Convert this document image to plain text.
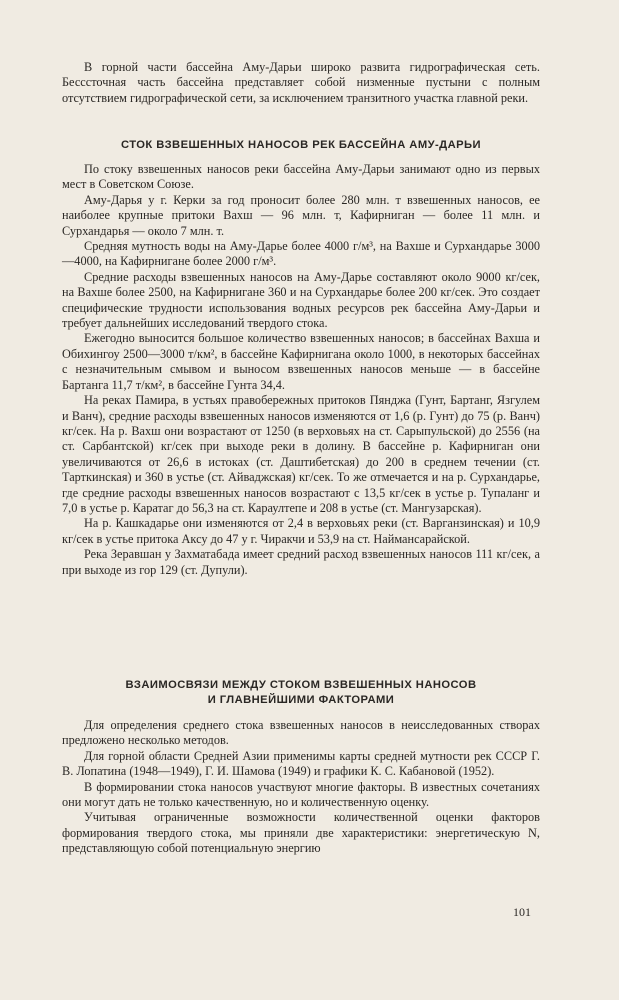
В горной части бассейна Аму-Дарьи широко развита гидрографическая сеть. Бесссточная часть бассейна представляет собой низменные пустыни с полным отсутствием гидрографической сети, за исключением транзитного участка главной реки.

СТОК ВЗВЕШЕННЫХ НАНОСОВ РЕК БАССЕЙНА АМУ-ДАРЬИ

По стоку взвешенных наносов реки бассейна Аму-Дарьи занимают одно из первых мест в Советском Союзе.

Аму-Дарья у г. Керки за год проносит более 280 млн. т взвешенных наносов, ее наиболее крупные притоки Вахш — 96 млн. т, Кафирниган — более 11 млн. и Сурхандарья — около 7 млн. т.

Средняя мутность воды на Аму-Дарье более 4000 г/м³, на Вахше и Сурхандарье 3000—4000, на Кафирнигане более 2000 г/м³.

Средние расходы взвешенных наносов на Аму-Дарье составляют около 9000 кг/сек, на Вахше более 2500, на Кафирнигане 360 и на Сурхандарье более 200 кг/сек. Это создает специфические трудности использования водных ресурсов рек бассейна Аму-Дарьи и требует дальнейших исследований твердого стока.

Ежегодно выносится большое количество взвешенных наносов; в бассейнах Вахша и Обихингоу 2500—3000 т/км², в бассейне Кафирнигана около 1000, в некоторых бассейнах с незначительным смывом и выносом взвешенных наносов меньше — в бассейне Бартанга 11,7 т/км², в бассейне Гунта 34,4.

На реках Памира, в устьях правобережных притоков Пянджа (Гунт, Бартанг, Язгулем и Ванч), средние расходы взвешенных наносов изменяются от 1,6 (р. Гунт) до 75 (р. Ванч) кг/сек. На р. Вахш они возрастают от 1250 (в верховьях на ст. Сарыпульской) до 2556 (на ст. Сарбантской) кг/сек при выходе реки в долину. В бассейне р. Кафирниган они увеличиваются от 26,6 в истоках (ст. Даштибетская) до 200 в среднем течении (ст. Тарткинская) и 360 в устье (ст. Айваджская) кг/сек. То же отмечается и на р. Сурхандарье, где средние расходы взвешенных наносов возрастают с 13,5 кг/сек в устье р. Тупаланг и 7,0 в устье р. Каратаг до 56,3 на ст. Караултепе и 208 в устье (ст. Мангузарская).

На р. Кашкадарье они изменяются от 2,4 в верховьях реки (ст. Варганзинская) и 10,9 кг/сек в устье притока Аксу до 47 у г. Чиракчи и 53,9 на ст. Наймансарайской.

Река Зеравшан у Захматабада имеет средний расход взвешенных наносов 111 кг/сек, а при выходе из гор 129 (ст. Дупули).

ВЗАИМОСВЯЗИ МЕЖДУ СТОКОМ ВЗВЕШЕННЫХ НАНОСОВ
И ГЛАВНЕЙШИМИ ФАКТОРАМИ

Для определения среднего стока взвешенных наносов в неисследованных створах предложено несколько методов.

Для горной области Средней Азии применимы карты средней мутности рек СССР Г. В. Лопатина (1948—1949), Г. И. Шамова (1949) и графики К. С. Кабановой (1952).

В формировании стока наносов участвуют многие факторы. В известных сочетаниях они могут дать не только качественную, но и количественную оценку.

Учитывая ограниченные возможности количественной оценки факторов формирования твердого стока, мы приняли две характеристики: энергетическую N, представляющую собой потенциальную энергию

101
